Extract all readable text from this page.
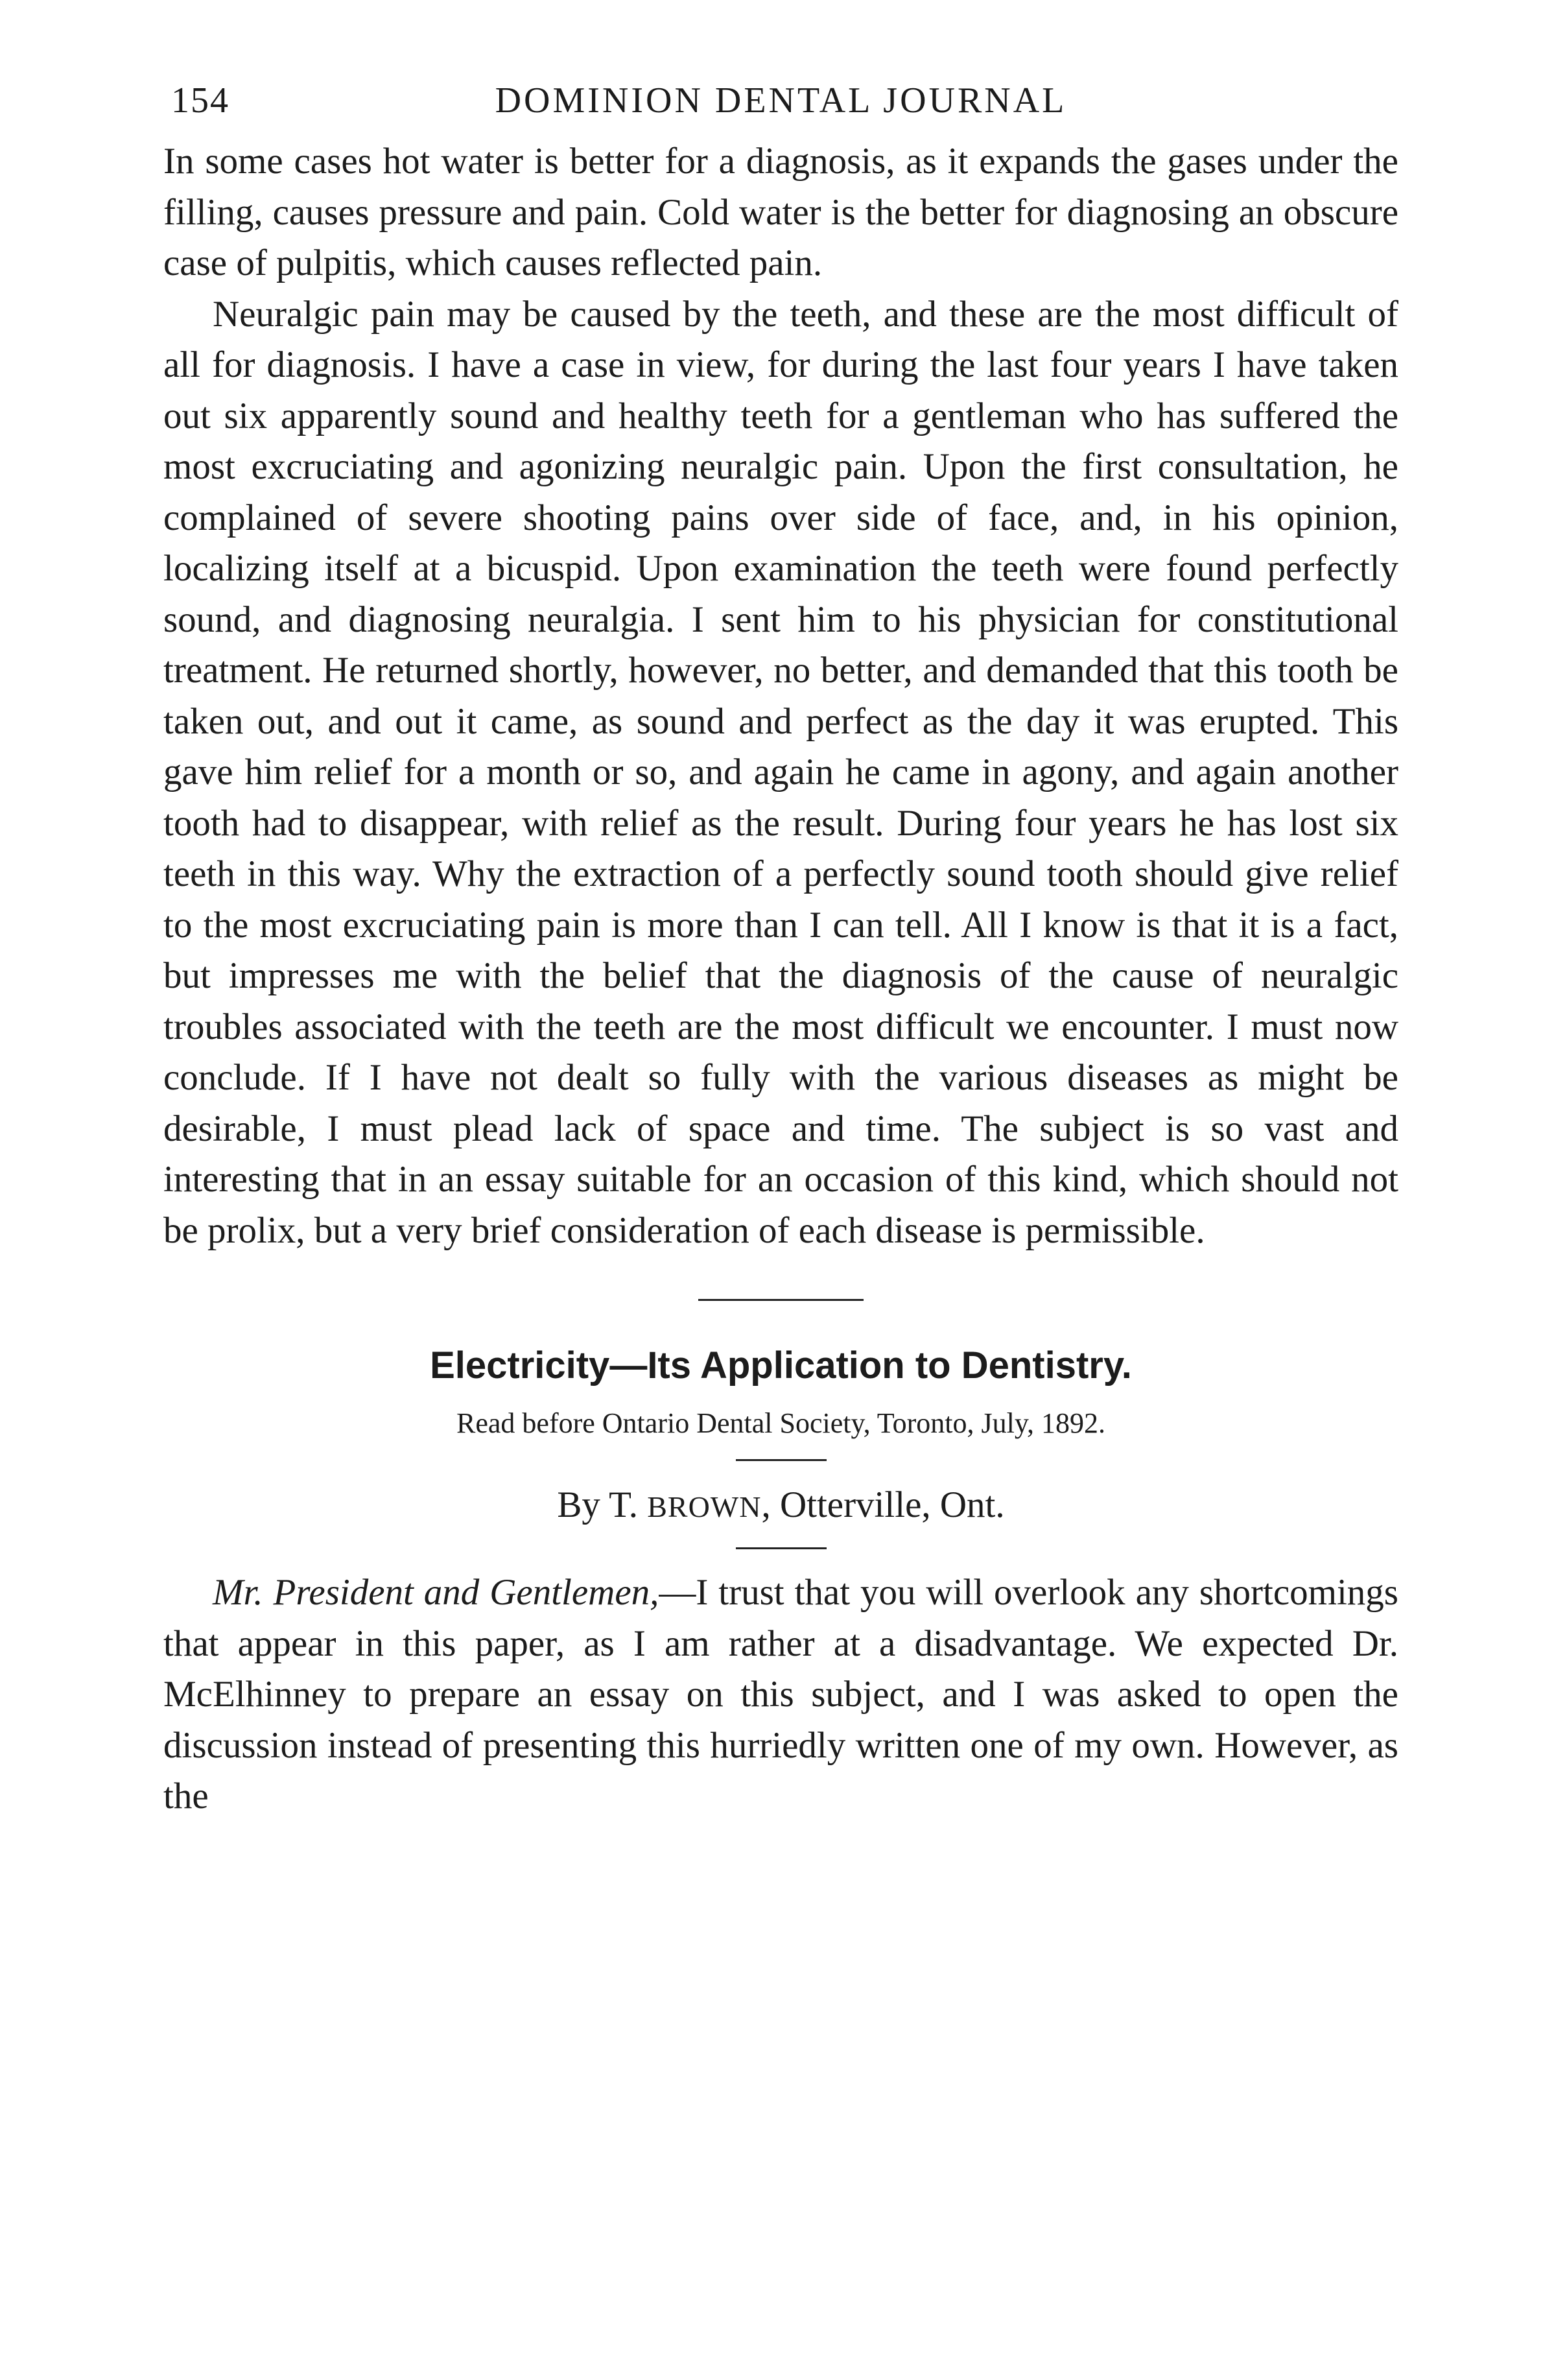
154	DOMINION DENTAL JOURNAL

In some cases hot water is better for a diagnosis, as it expands the gases under the filling, causes pressure and pain. Cold water is the better for diagnosing an obscure case of pulpitis, which causes reflected pain.

Neuralgic pain may be caused by the teeth, and these are the most difficult of all for diagnosis. I have a case in view, for during the last four years I have taken out six apparently sound and healthy teeth for a gentleman who has suffered the most excruciating and agonizing neuralgic pain. Upon the first consultation, he complained of severe shooting pains over side of face, and, in his opinion, localizing itself at a bicuspid. Upon examination the teeth were found perfectly sound, and diagnosing neuralgia. I sent him to his physician for constitutional treatment. He returned shortly, however, no better, and demanded that this tooth be taken out, and out it came, as sound and perfect as the day it was erupted. This gave him relief for a month or so, and again he came in agony, and again another tooth had to disappear, with relief as the result. During four years he has lost six teeth in this way. Why the extraction of a perfectly sound tooth should give relief to the most excruciating pain is more than I can tell. All I know is that it is a fact, but impresses me with the belief that the diagnosis of the cause of neuralgic troubles associated with the teeth are the most difficult we encounter. I must now conclude. If I have not dealt so fully with the various diseases as might be desirable, I must plead lack of space and time. The subject is so vast and interesting that in an essay suitable for an occasion of this kind, which should not be prolix, but a very brief consideration of each disease is permissible.

Electricity—Its Application to Dentistry.
Read before Ontario Dental Society, Toronto, July, 1892.
By T. BROWN, Otterville, Ont.

Mr. President and Gentlemen,—I trust that you will overlook any shortcomings that appear in this paper, as I am rather at a disadvantage. We expected Dr. McElhinney to prepare an essay on this subject, and I was asked to open the discussion instead of presenting this hurriedly written one of my own. However, as the
